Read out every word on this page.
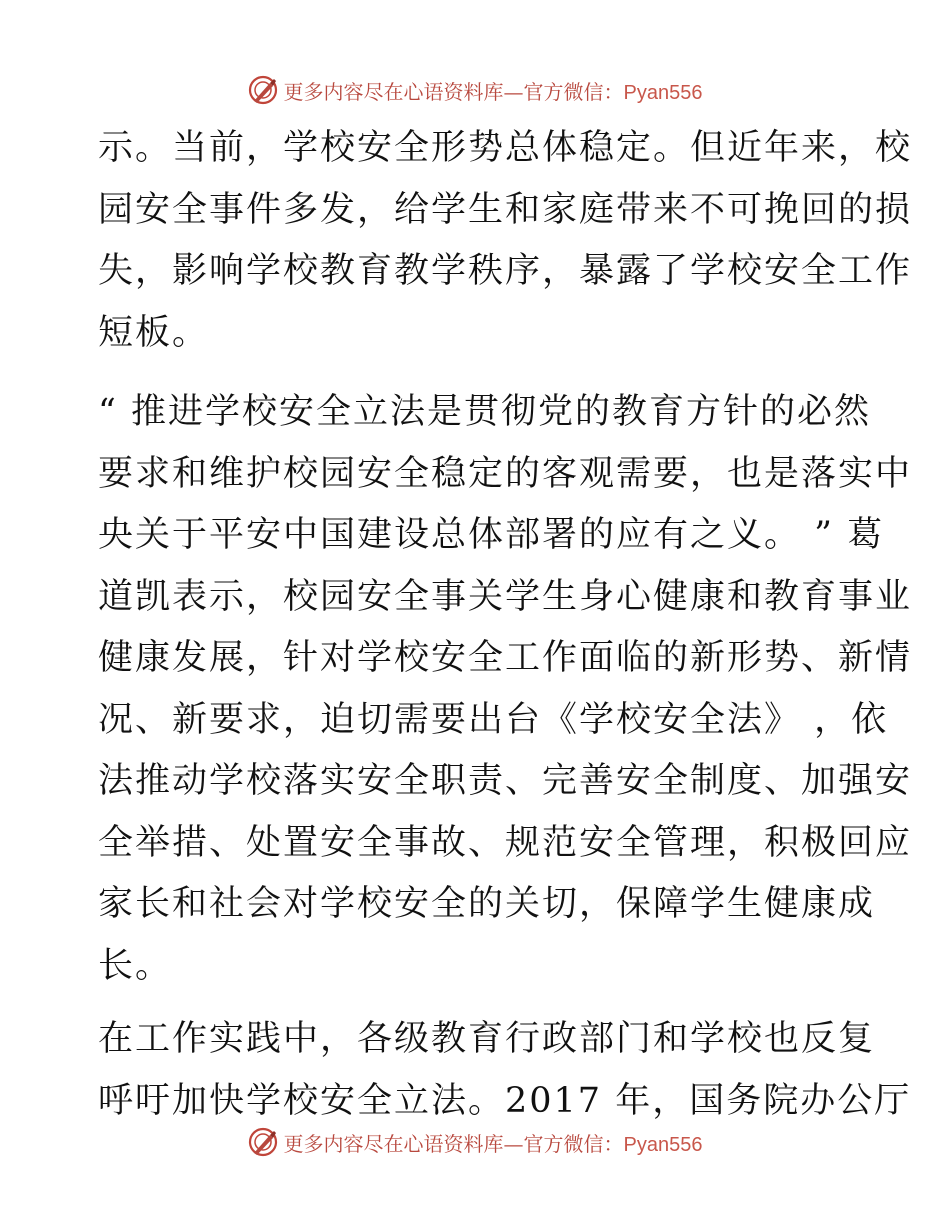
更多内容尽在心语资料库—官方微信：Pyan556

示。当前，学校安全形势总体稳定。但近年来，校
园安全事件多发，给学生和家庭带来不可挽回的损
失，影响学校教育教学秩序，暴露了学校安全工作
短板。

“ 推进学校安全立法是贯彻党的教育方针的必然
要求和维护校园安全稳定的客观需要，也是落实中
央关于平安中国建设总体部署的应有之义。 ” 葛
道凯表示，校园安全事关学生身心健康和教育事业
健康发展，针对学校安全工作面临的新形势、新情
况、新要求，迫切需要出台《学校安全法》 ，依
法推动学校落实安全职责、完善安全制度、加强安
全举措、处置安全事故、规范安全管理，积极回应
家长和社会对学校安全的关切，保障学生健康成
长。

在工作实践中，各级教育行政部门和学校也反复
呼吁加快学校安全立法。2017 年，国务院办公厅

更多内容尽在心语资料库—官方微信：Pyan556
